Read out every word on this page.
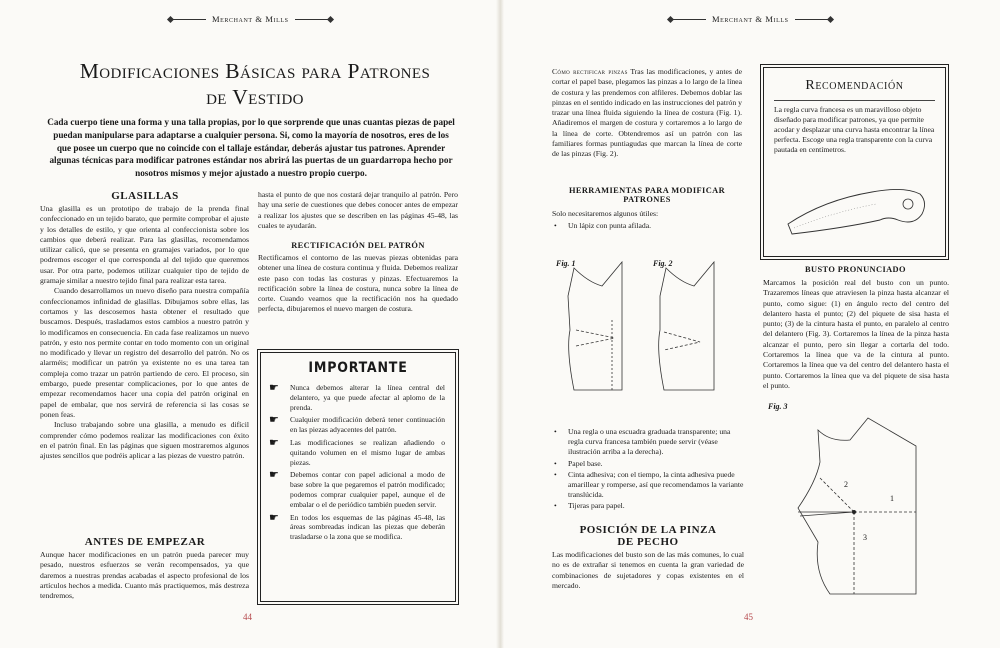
Merchant & Mills	Merchant & Mills
Modificaciones Básicas para Patrones
de Vestido
Cada cuerpo tiene una forma y una talla propias, por lo que sorprende que unas cuantas piezas de papel puedan manipularse para adaptarse a cualquier persona. Si, como la mayoría de nosotros, eres de los que posee un cuerpo que no coincide con el tallaje estándar, deberás ajustar tus patrones. Aprender algunas técnicas para modificar patrones estándar nos abrirá las puertas de un guardarropa hecho por nosotros mismos y mejor ajustado a nuestro propio cuerpo.
GLASILLAS

Una glasilla es un prototipo de trabajo de la prenda final confeccionado en un tejido barato, que permite comprobar el ajuste y los detalles de estilo, y que orienta al confeccionista sobre los cambios que deberá realizar. Para las glasillas, recomendamos utilizar calicó, que se presenta en gramajes variados, por lo que podremos escoger el que corresponda al del tejido que queremos usar. Por otra parte, podemos utilizar cualquier tipo de tejido de gramaje similar a nuestro tejido final para realizar esta tarea.

Cuando desarrollamos un nuevo diseño para nuestra compañía confeccionamos infinidad de glasillas. Dibujamos sobre ellas, las cortamos y las descosemos hasta obtener el resultado que buscamos. Después, trasladamos estos cambios a nuestro patrón y lo modificamos en consecuencia. En cada fase realizamos un nuevo patrón, y esto nos permite contar en todo momento con un original no modificado y llevar un registro del desarrollo del patrón. No os alarméis; modificar un patrón ya existente no es una tarea tan compleja como trazar un patrón partiendo de cero. El proceso, sin embargo, puede presentar complicaciones, por lo que antes de empezar recomendamos hacer una copia del patrón original en papel de embalar, que nos servirá de referencia si las cosas se ponen feas.

Incluso trabajando sobre una glasilla, a menudo es difícil comprender cómo podemos realizar las modificaciones con éxito en el patrón final. En las páginas que siguen mostraremos algunos ajustes sencillos que podréis aplicar a las piezas de vuestro patrón.

ANTES DE EMPEZAR

Aunque hacer modificaciones en un patrón pueda parecer muy pesado, nuestros esfuerzos se verán recompensados, ya que daremos a nuestras prendas acabadas el aspecto profesional de los artículos hechos a medida. Cuanto más practiquemos, más destreza tendremos,

hasta el punto de que nos costará dejar tranquilo al patrón. Pero hay una serie de cuestiones que debes conocer antes de empezar a realizar los ajustes que se describen en las páginas 45-48, las cuales te ayudarán.

RECTIFICACIÓN DEL PATRÓN

Rectificamos el contorno de las nuevas piezas obtenidas para obtener una línea de costura continua y fluida. Debemos realizar este paso con todas las costuras y pinzas. Efectuaremos la rectificación sobre la línea de costura, nunca sobre la línea de corte. Cuando veamos que la rectificación nos ha quedado perfecta, dibujaremos el nuevo margen de costura.

IMPORTANTE
☛	Nunca debemos alterar la línea central del delantero, ya que puede afectar al aplomo de la prenda.
☛	Cualquier modificación deberá tener continuación en las piezas adyacentes del patrón.
☛	Las modificaciones se realizan añadiendo o quitando volumen en el mismo lugar de ambas piezas.
☛	Debemos contar con papel adicional a modo de base sobre la que pegaremos el patrón modificado; podemos comprar cualquier papel, aunque el de embalar o el de periódico también pueden servir.
☛	En todos los esquemas de las páginas 45-48, las áreas sombreadas indican las piezas que deberán trasladarse o la zona que se modifica.
44

Cómo rectificar pinzas Tras las modificaciones, y antes de cortar el papel base, plegamos las pinzas a lo largo de la línea de costura y las prendemos con alfileres. Debemos doblar las pinzas en el sentido indicado en las instrucciones del patrón y trazar una línea fluida siguiendo la línea de costura (Fig. 1). Añadiremos el margen de costura y cortaremos a lo largo de la línea de corte. Obtendremos así un patrón con las familiares formas puntiagudas que marcan la línea de corte de las pinzas (Fig. 2).

HERRAMIENTAS PARA MODIFICAR
PATRONES
Solo necesitaremos algunos útiles:
• Un lápiz con punta afilada.
Fig. 1	Fig. 2
• Una regla o una escuadra graduada transparente; una regla curva francesa también puede servir (véase ilustración arriba a la derecha).
• Papel base.
• Cinta adhesiva; con el tiempo, la cinta adhesiva puede amarillear y romperse, así que recomendamos la variante translúcida.
• Tijeras para papel.
POSICIÓN DE LA PINZA
DE PECHO
Las modificaciones del busto son de las más comunes, lo cual no es de extrañar si tenemos en cuenta la gran variedad de combinaciones de sujetadores y copas existentes en el mercado.
Recomendación
La regla curva francesa es un maravilloso objeto diseñado para modificar patrones, ya que permite acodar y desplazar una curva hasta encontrar la línea perfecta. Escoge una regla transparente con la curva pautada en centímetros.
BUSTO PRONUNCIADO
Marcamos la posición real del busto con un punto. Trazaremos líneas que atraviesen la pinza hasta alcanzar el punto, como sigue: (1) en ángulo recto del centro del delantero hasta el punto; (2) del piquete de sisa hasta el punto; (3) de la cintura hasta el punto, en paralelo al centro del delantero (Fig. 3). Cortaremos la línea de la pinza hasta alcanzar el punto, pero sin llegar a cortarla del todo. Cortaremos la línea que va de la cintura al punto. Cortaremos la línea que va del centro del delantero hasta el punto. Cortaremos la línea que va del piquete de sisa hasta el punto.
Fig. 3
1
2
3
45
